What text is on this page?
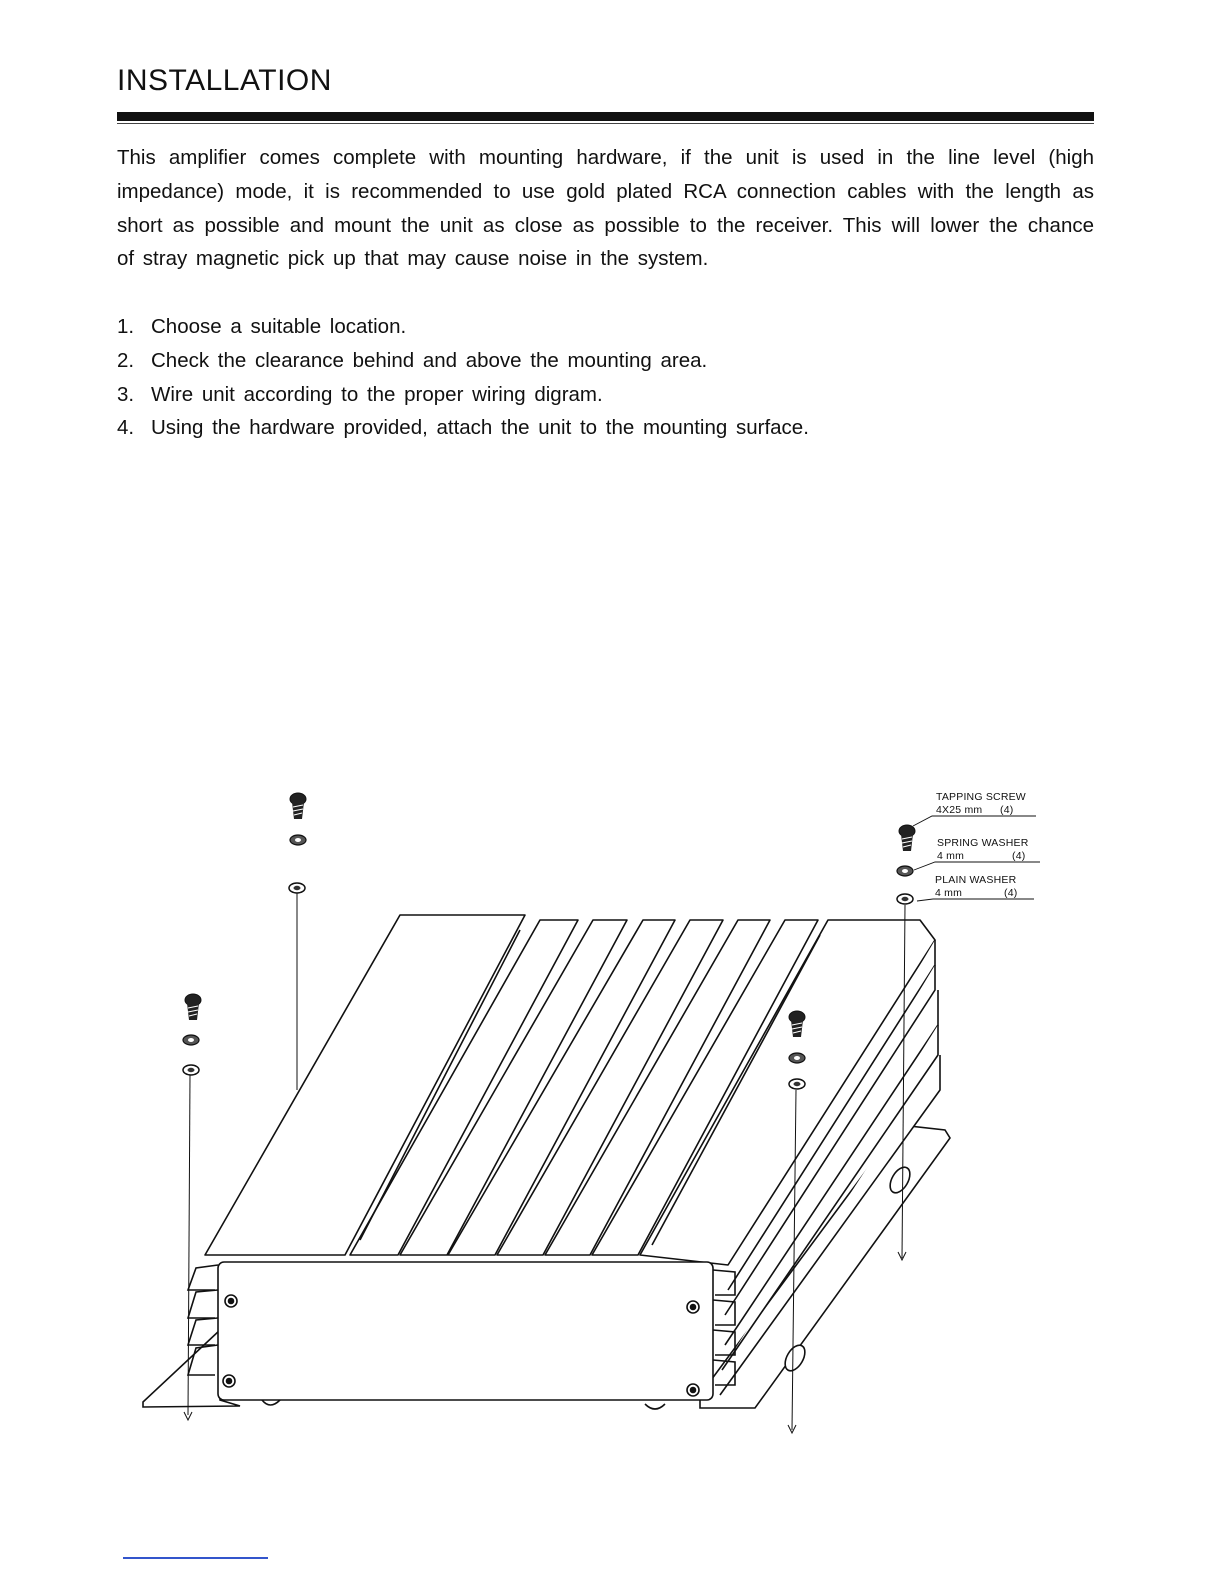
INSTALLATION

This amplifier comes complete with mounting hardware, if the unit is used in the line level (high impedance) mode, it is recommended to use gold plated RCA connection cables with the length as short as possible and mount the unit as close as possible to the receiver. This will lower the chance of stray magnetic pick up that may cause noise in the system.

1. Choose a suitable location.
2. Check the clearance behind and above the mounting area.
3. Wire unit according to the proper wiring digram.
4. Using the hardware provided, attach the unit to the mounting surface.
TAPPING SCREW
4X25 mm (4)
SPRING WASHER
4 mm	(4)
PLAIN WASHER
4 mm	(4)
